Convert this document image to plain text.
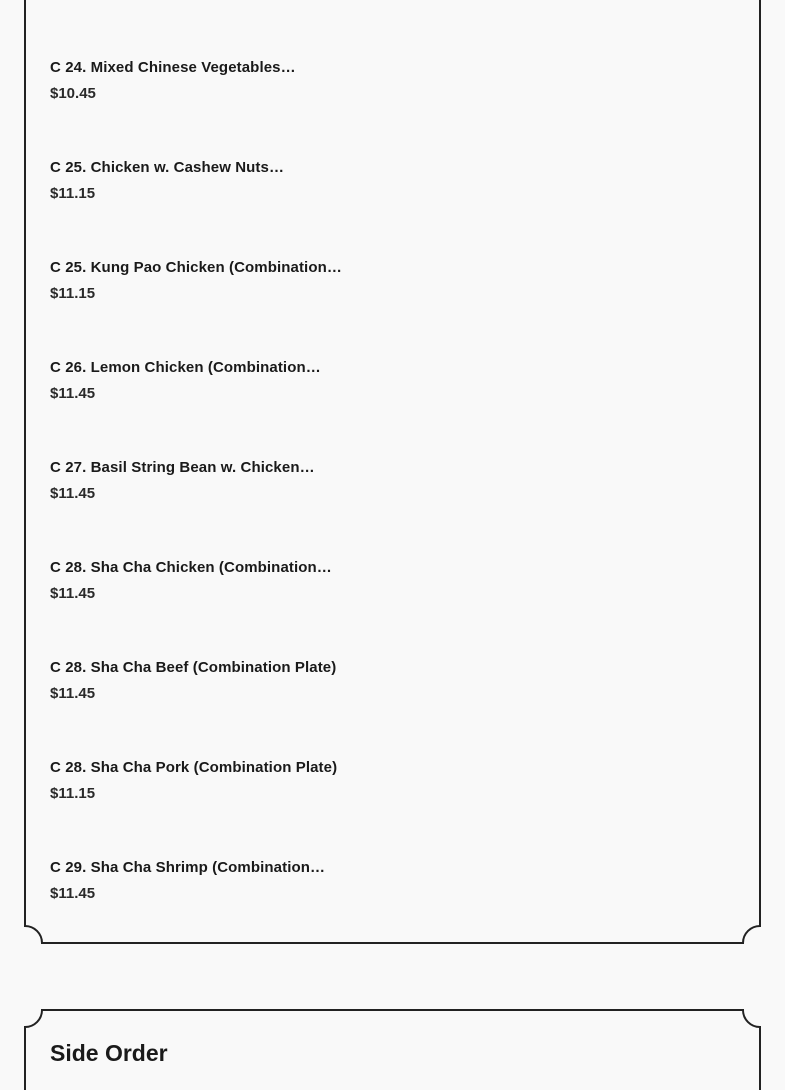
C 24. Mixed Chinese Vegetables…
$10.45
C 25. Chicken w. Cashew Nuts…
$11.15
C 25. Kung Pao Chicken (Combination…
$11.15
C 26. Lemon Chicken (Combination…
$11.45
C 27. Basil String Bean w. Chicken…
$11.45
C 28. Sha Cha Chicken (Combination…
$11.45
C 28. Sha Cha Beef (Combination Plate)
$11.45
C 28. Sha Cha Pork (Combination Plate)
$11.15
C 29. Sha Cha Shrimp (Combination…
$11.45
Side Order
